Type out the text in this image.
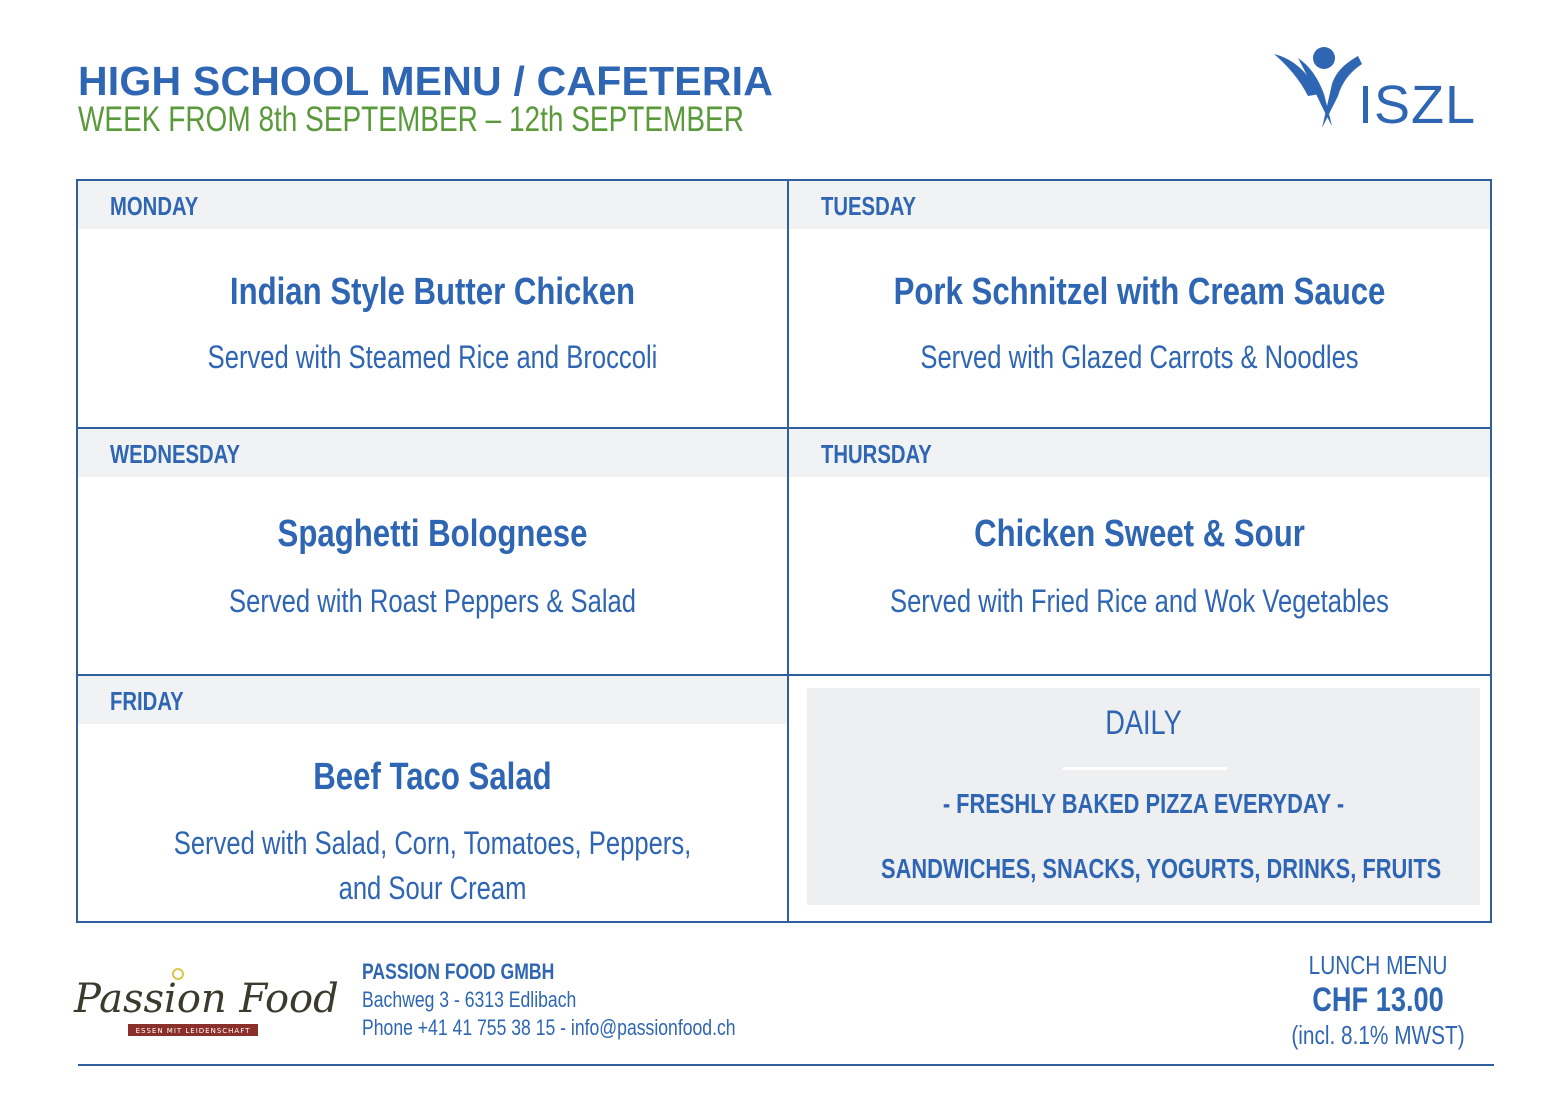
HIGH SCHOOL MENU / CAFETERIA
WEEK FROM 8th SEPTEMBER – 12th SEPTEMBER	ISZL
MONDAY
Indian Style Butter Chicken
Served with Steamed Rice and Broccoli
TUESDAY
Pork Schnitzel with Cream Sauce
Served with Glazed Carrots & Noodles
WEDNESDAY
Spaghetti Bolognese
Served with Roast Peppers & Salad
THURSDAY
Chicken Sweet & Sour
Served with Fried Rice and Wok Vegetables
FRIDAY
Beef Taco Salad
Served with Salad, Corn, Tomatoes, Peppers,
and Sour Cream
DAILY
- FRESHLY BAKED PIZZA EVERYDAY -
SANDWICHES, SNACKS, YOGURTS, DRINKS, FRUITS
Passion Food
ESSEN MIT LEIDENSCHAFT
PASSION FOOD GMBH
Bachweg 3 - 6313 Edlibach
Phone +41 41 755 38 15 - info@passionfood.ch
LUNCH MENU
CHF 13.00
(incl. 8.1% MWST)
